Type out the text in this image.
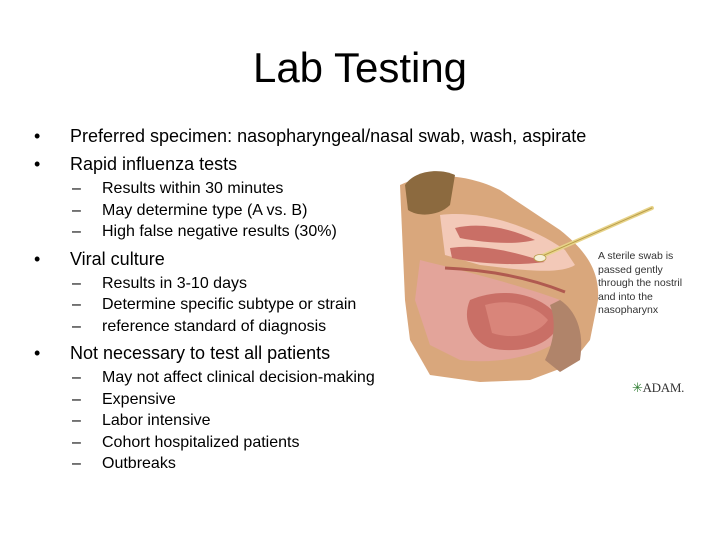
Lab Testing
A sterile swab is
passed gently
through the nostril
and into the
nasopharynx
✳ADAM.
• Preferred specimen: nasopharyngeal/nasal swab, wash, aspirate
• Rapid influenza tests
– Results within 30 minutes
– May determine type (A vs. B)
– High false negative results (30%)
• Viral culture
– Results in 3-10 days
– Determine specific subtype or strain
– reference standard of diagnosis
• Not necessary to test all patients
– May not affect clinical decision-making
– Expensive
– Labor intensive
– Cohort hospitalized patients
– Outbreaks
